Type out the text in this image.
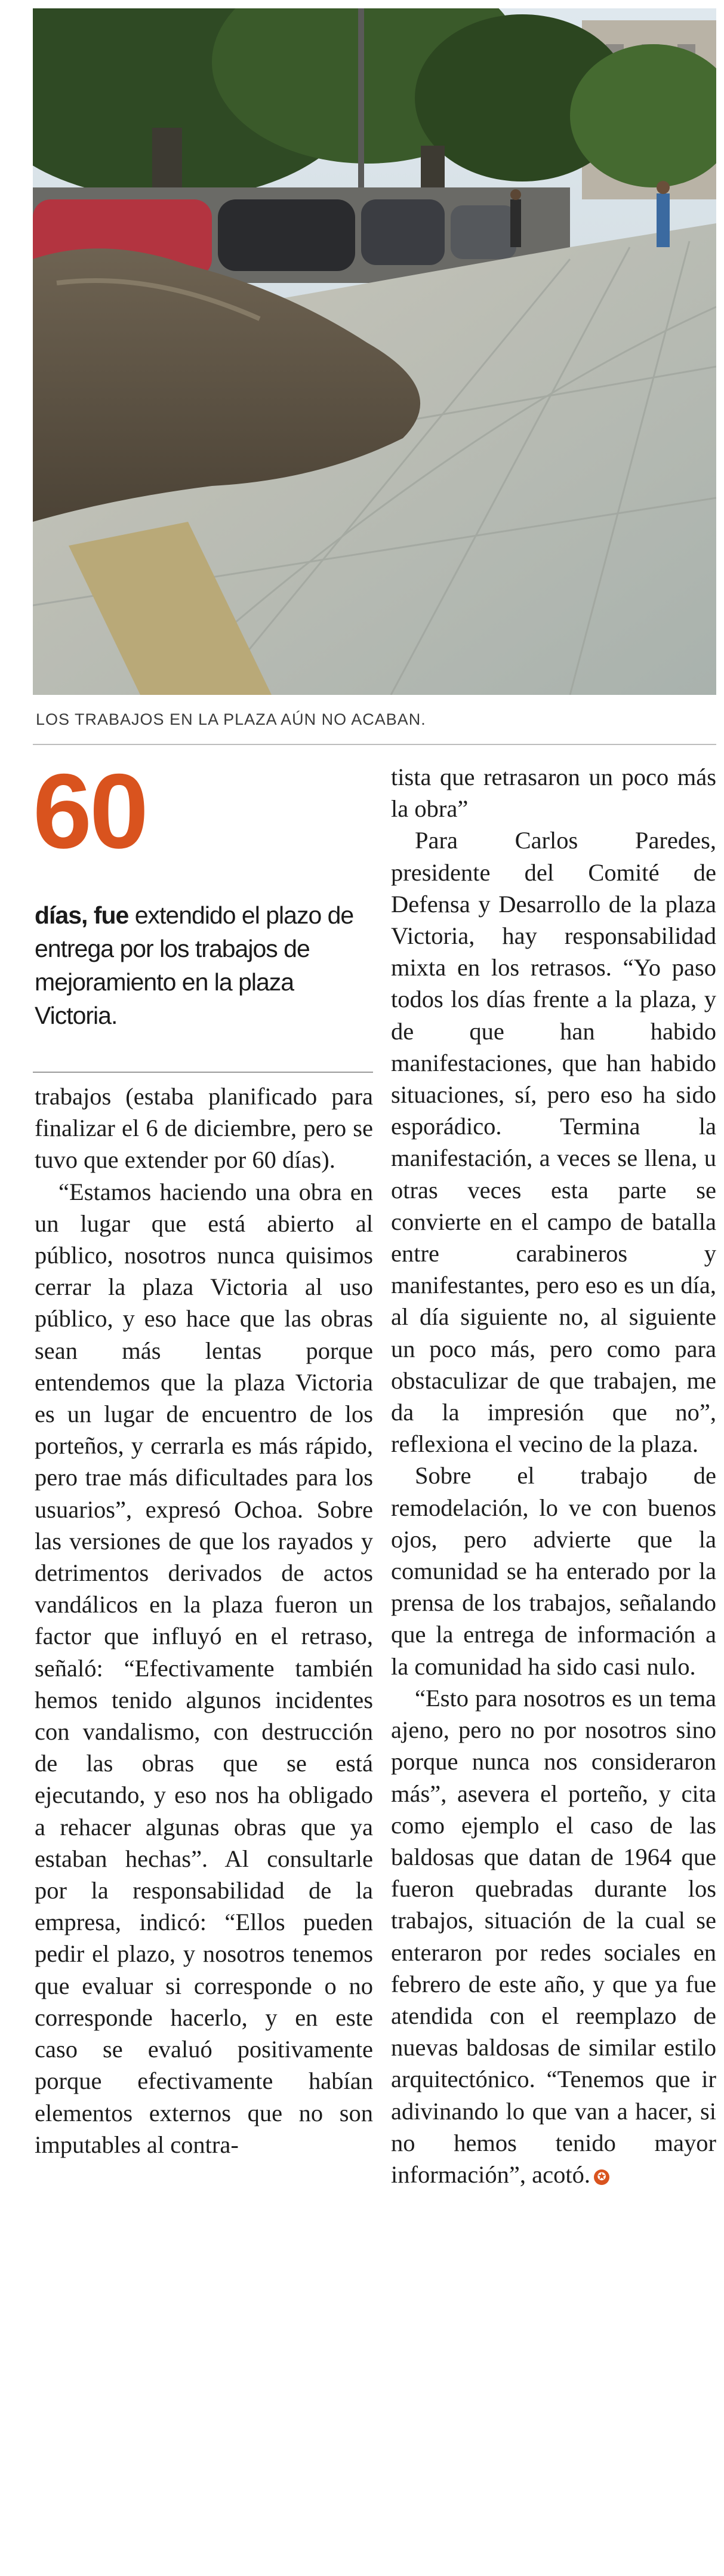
LOS TRABAJOS EN LA PLAZA AÚN NO ACABAN.
60
días, fue extendido el plazo de entrega por los trabajos de mejoramiento en la plaza Victoria.

trabajos (estaba planificado para finalizar el 6 de diciembre, pero se tuvo que extender por 60 días).

“Estamos haciendo una obra en un lugar que está abierto al público, nosotros nunca quisimos cerrar la plaza Victoria al uso público, y eso hace que las obras sean más lentas porque entendemos que la plaza Victoria es un lugar de encuentro de los porteños, y cerrarla es más rápido, pero trae más dificultades para los usuarios”, expresó Ochoa. Sobre las versiones de que los rayados y detrimentos derivados de actos vandálicos en la plaza fueron un factor que influyó en el retraso, señaló: “Efectivamente también hemos tenido algunos incidentes con vandalismo, con destrucción de las obras que se está ejecutando, y eso nos ha obligado a rehacer algunas obras que ya estaban hechas”. Al consultarle por la responsabilidad de la empresa, indicó: “Ellos pueden pedir el plazo, y nosotros tenemos que evaluar si corresponde o no corresponde hacerlo, y en este caso se evaluó positivamente porque efectivamente habían elementos externos que no son imputables al contra-

tista que retrasaron un poco más la obra”

Para Carlos Paredes, presidente del Comité de Defensa y Desarrollo de la plaza Victoria, hay responsabilidad mixta en los retrasos. “Yo paso todos los días frente a la plaza, y de que han habido manifestaciones, que han habido situaciones, sí, pero eso ha sido esporádico. Termina la manifestación, a veces se llena, u otras veces esta parte se convierte en el campo de batalla entre carabineros y manifestantes, pero eso es un día, al día siguiente no, al siguiente un poco más, pero como para obstaculizar de que trabajen, me da la impresión que no”, reflexiona el vecino de la plaza.

Sobre el trabajo de remodelación, lo ve con buenos ojos, pero advierte que la comunidad se ha enterado por la prensa de los trabajos, señalando que la entrega de información a la comunidad ha sido casi nulo.

“Esto para nosotros es un tema ajeno, pero no por nosotros sino porque nunca nos consideraron más”, asevera el porteño, y cita como ejemplo el caso de las baldosas que datan de 1964 que fueron quebradas durante los trabajos, situación de la cual se enteraron por redes sociales en febrero de este año, y que ya fue atendida con el reemplazo de nuevas baldosas de similar estilo arquitectónico. “Tenemos que ir adivinando lo que van a hacer, si no hemos tenido mayor información”, acotó. ✪
